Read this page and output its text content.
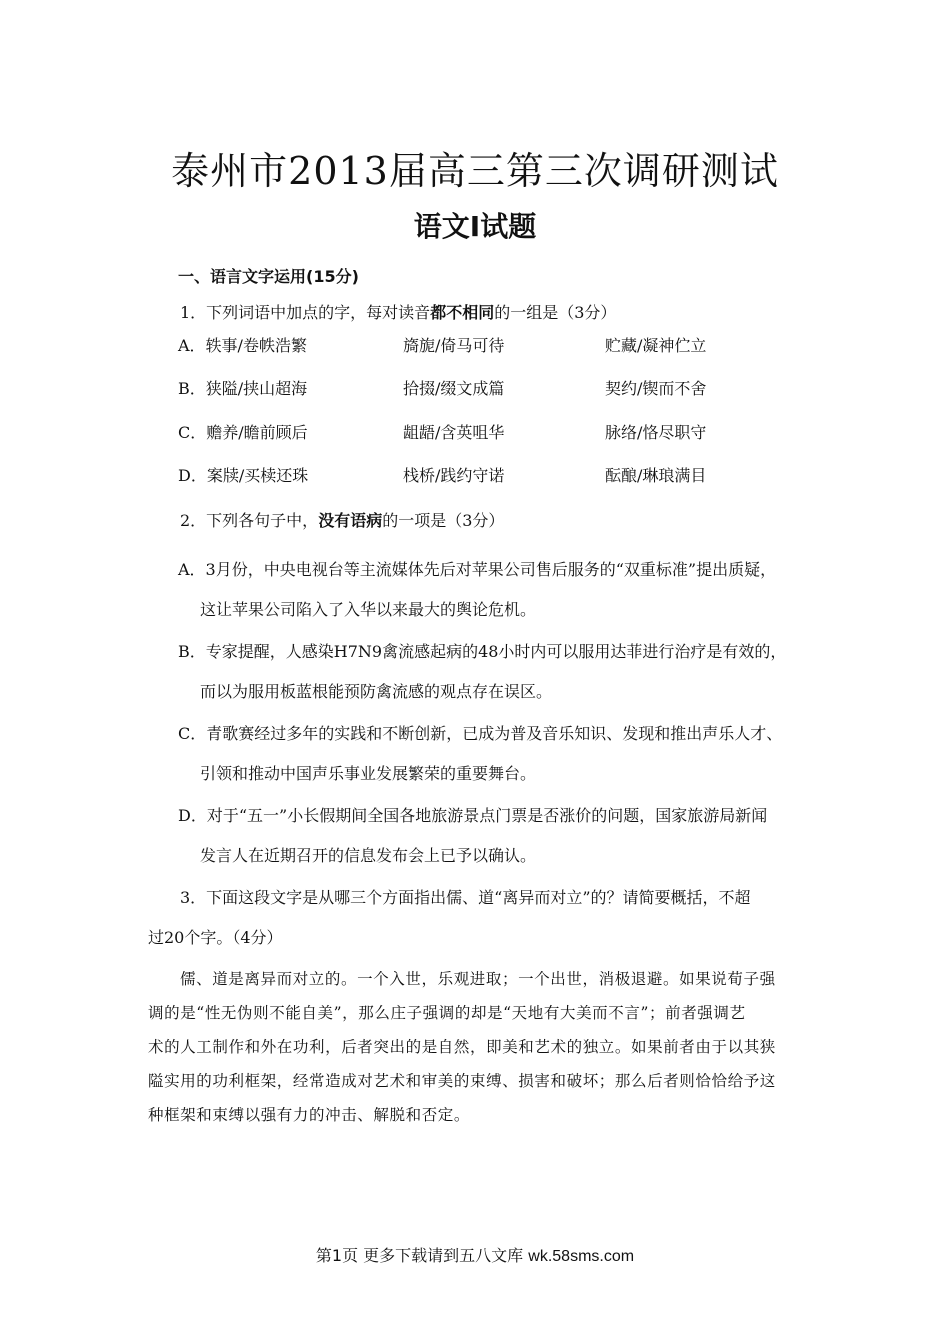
泰州市2013届高三第三次调研测试
语文Ⅰ试题
一、语言文字运用(15分)
1．下列词语中加点的字，每对读音都不相同的一组是（3分）
A．轶事/卷帙浩繁	旖旎/倚马可待	贮藏/凝神伫立
B．狭隘/挟山超海	拾掇/缀文成篇	契约/锲而不舍
C．赡养/瞻前顾后	龃龉/含英咀华	脉络/恪尽职守
D．案牍/买椟还珠	栈桥/践约守诺	酝酿/琳琅满目
2．下列各句子中，没有语病的一项是（3分）
A．3月份，中央电视台等主流媒体先后对苹果公司售后服务的“双重标准”提出质疑，
这让苹果公司陷入了入华以来最大的舆论危机。
B．专家提醒，人感染H7N9禽流感起病的48小时内可以服用达菲进行治疗是有效的，
而以为服用板蓝根能预防禽流感的观点存在误区。
C．青歌赛经过多年的实践和不断创新，已成为普及音乐知识、发现和推出声乐人才、
引领和推动中国声乐事业发展繁荣的重要舞台。
D．对于“五一”小长假期间全国各地旅游景点门票是否涨价的问题，国家旅游局新闻
发言人在近期召开的信息发布会上已予以确认。
3．下面这段文字是从哪三个方面指出儒、道“离异而对立”的？请简要概括，不超
过20个字。（4分）
儒、道是离异而对立的。一个入世，乐观进取；一个出世，消极退避。如果说荀子强
调的是“性无伪则不能自美”，那么庄子强调的却是“天地有大美而不言”；前者强调艺
术的人工制作和外在功利，后者突出的是自然，即美和艺术的独立。如果前者由于以其狭
隘实用的功利框架，经常造成对艺术和审美的束缚、损害和破坏；那么后者则恰恰给予这
种框架和束缚以强有力的冲击、解脱和否定。
第1页 更多下载请到五八文库 wk.58sms.com
